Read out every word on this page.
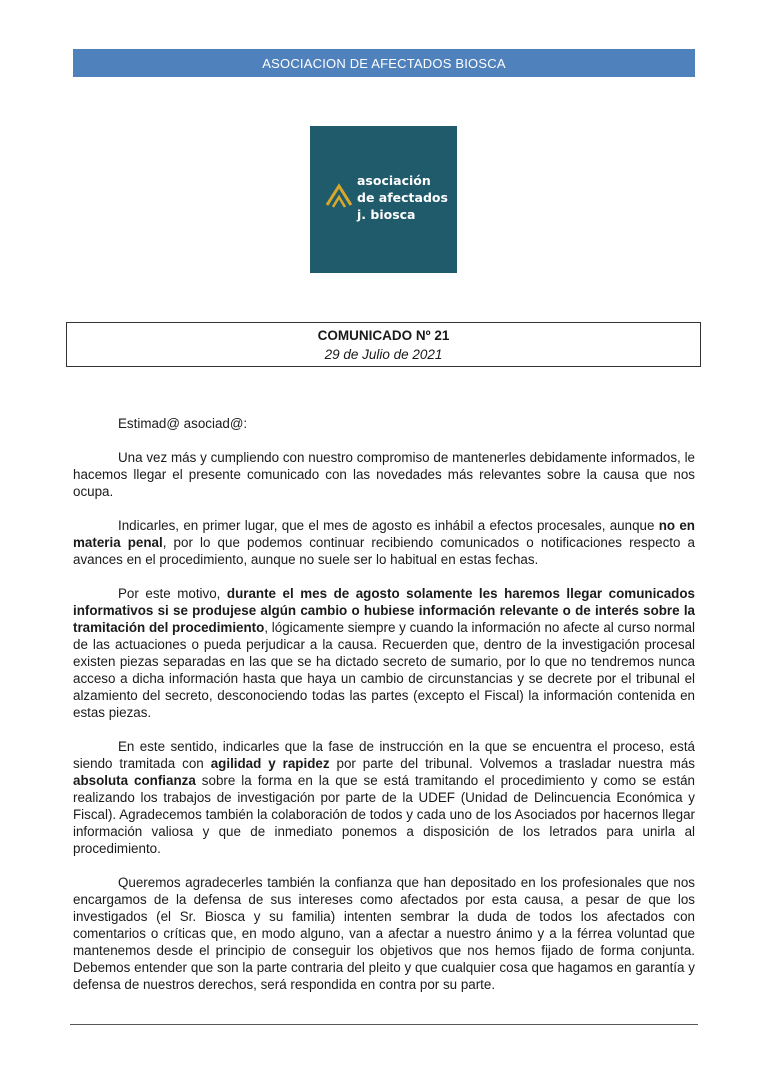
ASOCIACION DE AFECTADOS BIOSCA
asociación
de afectados
j. biosca
COMUNICADO Nº 21
29 de Julio de 2021

Estimad@ asociad@:

Una vez más y cumpliendo con nuestro compromiso de mantenerles debidamente informados, le hacemos llegar el presente comunicado con las novedades más relevantes sobre la causa que nos ocupa.

Indicarles, en primer lugar, que el mes de agosto es inhábil a efectos procesales, aunque no en materia penal, por lo que podemos continuar recibiendo comunicados o notificaciones respecto a avances en el procedimiento, aunque no suele ser lo habitual en estas fechas.

Por este motivo, durante el mes de agosto solamente les haremos llegar comunicados informativos si se produjese algún cambio o hubiese información relevante o de interés sobre la tramitación del procedimiento, lógicamente siempre y cuando la información no afecte al curso normal de las actuaciones o pueda perjudicar a la causa. Recuerden que, dentro de la investigación procesal existen piezas separadas en las que se ha dictado secreto de sumario, por lo que no tendremos nunca acceso a dicha información hasta que haya un cambio de circunstancias y se decrete por el tribunal el alzamiento del secreto, desconociendo todas las partes (excepto el Fiscal) la información contenida en estas piezas.

En este sentido, indicarles que la fase de instrucción en la que se encuentra el proceso, está siendo tramitada con agilidad y rapidez por parte del tribunal. Volvemos a trasladar nuestra más absoluta confianza sobre la forma en la que se está tramitando el procedimiento y como se están realizando los trabajos de investigación por parte de la UDEF (Unidad de Delincuencia Económica y Fiscal). Agradecemos también la colaboración de todos y cada uno de los Asociados por hacernos llegar información valiosa y que de inmediato ponemos a disposición de los letrados para unirla al procedimiento.

Queremos agradecerles también la confianza que han depositado en los profesionales que nos encargamos de la defensa de sus intereses como afectados por esta causa, a pesar de que los investigados (el Sr. Biosca y su familia) intenten sembrar la duda de todos los afectados con comentarios o críticas que, en modo alguno, van a afectar a nuestro ánimo y a la férrea voluntad que mantenemos desde el principio de conseguir los objetivos que nos hemos fijado de forma conjunta. Debemos entender que son la parte contraria del pleito y que cualquier cosa que hagamos en garantía y defensa de nuestros derechos, será respondida en contra por su parte.
